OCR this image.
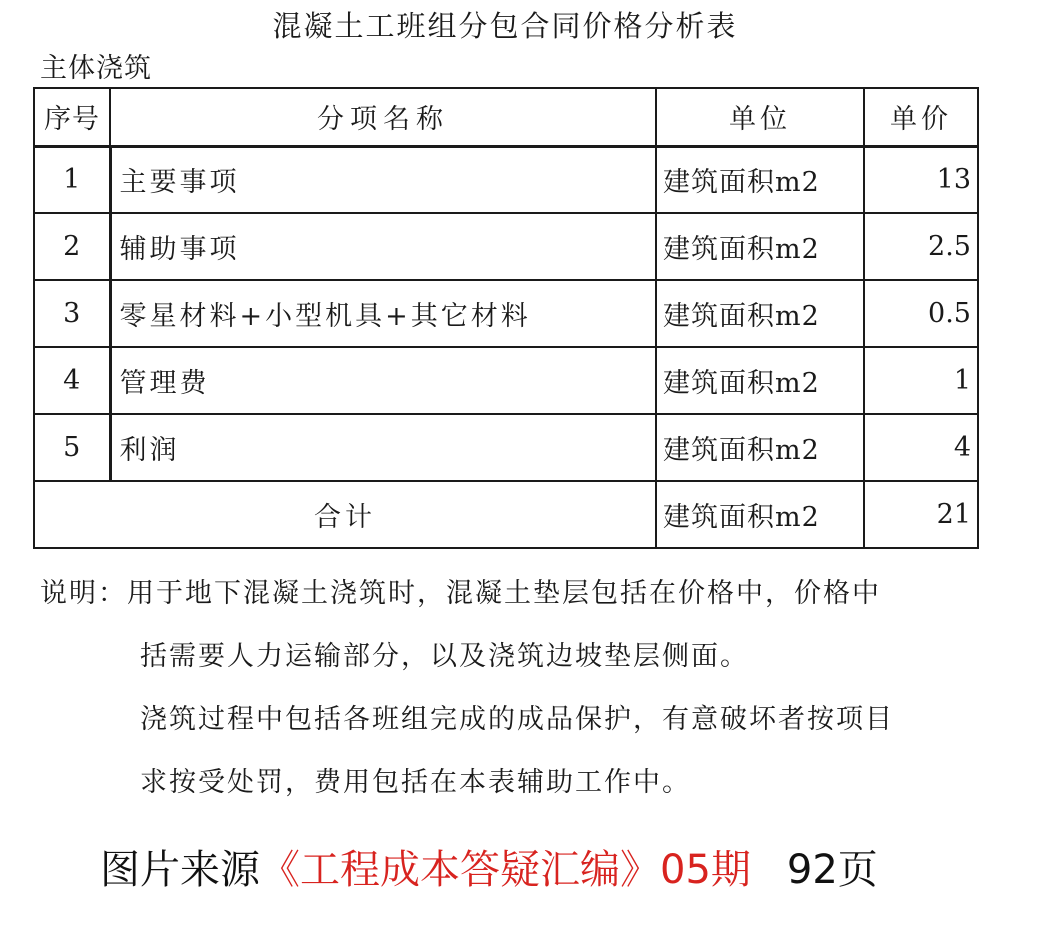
混凝土工班组分包合同价格分析表
主体浇筑
序号	分项名称	单位	单价
1	主要事项	建筑面积m2	13
2	辅助事项	建筑面积m2	2.5
3	零星材料+小型机具+其它材料	建筑面积m2	0.5
4	管理费	建筑面积m2	1
5	利润	建筑面积m2	4
合计		建筑面积m2	21
说明：用于地下混凝土浇筑时，混凝土垫层包括在价格中，价格中
括需要人力运输部分，以及浇筑边坡垫层侧面。
浇筑过程中包括各班组完成的成品保护，有意破坏者按项目
求按受处罚，费用包括在本表辅助工作中。
图片来源《工程成本答疑汇编》05期 92页
